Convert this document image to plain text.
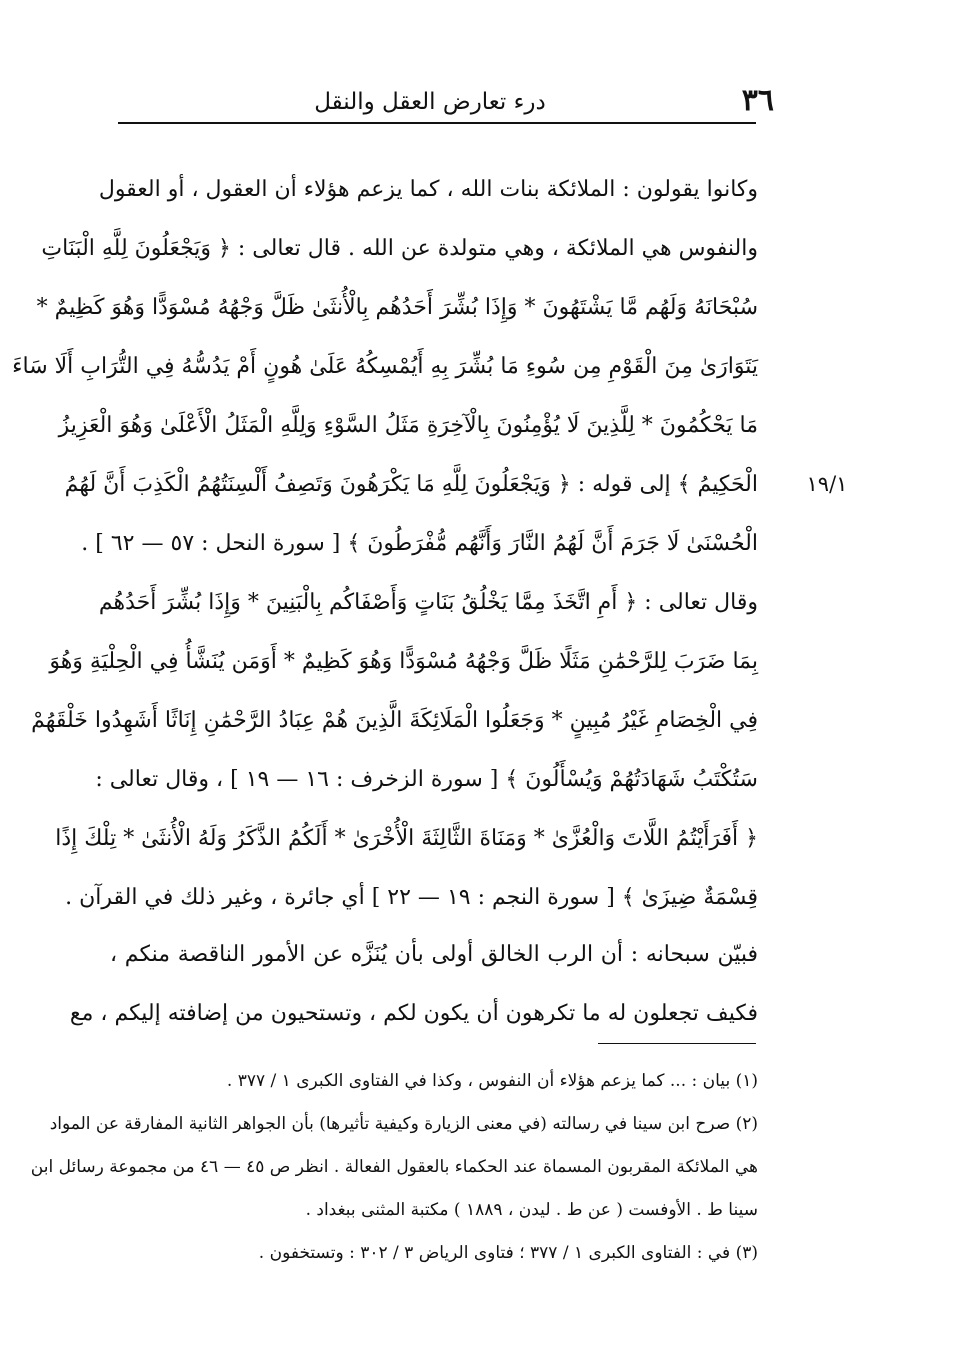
٣٦
درء تعارض العقل والنقل
١٩/١
وكانوا يقولون : الملائكة بنات الله ، كما يزعم هؤلاء أن العقول ، أو العقول
والنفوس هي الملائكة ، وهي متولدة عن الله . قال تعالى : ﴿ وَيَجْعَلُونَ لِلَّهِ الْبَنَاتِ
سُبْحَانَهُ وَلَهُم مَّا يَشْتَهُونَ * وَإِذَا بُشِّرَ أَحَدُهُم بِالْأُنثَىٰ ظَلَّ وَجْهُهُ مُسْوَدًّا وَهُوَ كَظِيمٌ *
يَتَوَارَىٰ مِنَ الْقَوْمِ مِن سُوءِ مَا بُشِّرَ بِهِ أَيُمْسِكُهُ عَلَىٰ هُونٍ أَمْ يَدُسُّهُ فِي التُّرَابِ أَلَا سَاءَ
مَا يَحْكُمُونَ * لِلَّذِينَ لَا يُؤْمِنُونَ بِالْآخِرَةِ مَثَلُ السَّوْءِ وَلِلَّهِ الْمَثَلُ الْأَعْلَىٰ وَهُوَ الْعَزِيزُ
الْحَكِيمُ ﴾ إلى قوله : ﴿ وَيَجْعَلُونَ لِلَّهِ مَا يَكْرَهُونَ وَتَصِفُ أَلْسِنَتُهُمُ الْكَذِبَ أَنَّ لَهُمُ
الْحُسْنَىٰ لَا جَرَمَ أَنَّ لَهُمُ النَّارَ وَأَنَّهُم مُّفْرَطُونَ ﴾ [ سورة النحل : ٥٧ — ٦٢ ] .
وقال تعالى : ﴿ أَمِ اتَّخَذَ مِمَّا يَخْلُقُ بَنَاتٍ وَأَصْفَاكُم بِالْبَنِينَ * وَإِذَا بُشِّرَ أَحَدُهُم
بِمَا ضَرَبَ لِلرَّحْمَٰنِ مَثَلًا ظَلَّ وَجْهُهُ مُسْوَدًّا وَهُوَ كَظِيمٌ * أَوَمَن يُنَشَّأُ فِي الْحِلْيَةِ وَهُوَ
فِي الْخِصَامِ غَيْرُ مُبِينٍ * وَجَعَلُوا الْمَلَائِكَةَ الَّذِينَ هُمْ عِبَادُ الرَّحْمَٰنِ إِنَاثًا أَشَهِدُوا خَلْقَهُمْ
سَتُكْتَبُ شَهَادَتُهُمْ وَيُسْأَلُونَ ﴾ [ سورة الزخرف : ١٦ — ١٩ ] ، وقال تعالى :
﴿ أَفَرَأَيْتُمُ اللَّاتَ وَالْعُزَّىٰ * وَمَنَاةَ الثَّالِثَةَ الْأُخْرَىٰ * أَلَكُمُ الذَّكَرُ وَلَهُ الْأُنثَىٰ * تِلْكَ إِذًا
قِسْمَةٌ ضِيزَىٰ ﴾ [ سورة النجم : ١٩ — ٢٢ ] أي جائرة ، وغير ذلك في القرآن .
فبيّن سبحانه : أن الرب الخالق أولى بأن يُنَزَّه عن الأمور الناقصة منكم ،
فكيف تجعلون له ما تكرهون أن يكون لكم ، وتستحيون من إضافته إليكم ، مع
(١) بيان : ... كما يزعم هؤلاء أن النفوس ، وكذا في الفتاوى الكبرى ١ / ٣٧٧ .
(٢) صرح ابن سينا في رسالته (في معنى الزيارة وكيفية تأثيرها) بأن الجواهر الثانية المفارقة عن المواد
هي الملائكة المقربون المسماة عند الحكماء بالعقول الفعالة . انظر ص ٤٥ — ٤٦ من مجموعة رسائل ابن
سينا ط . الأوفست ( عن ط . ليدن ، ١٨٨٩ ) مكتبة المثنى ببغداد .
(٣) في : الفتاوى الكبرى ١ / ٣٧٧ ؛ فتاوى الرياض ٣ / ٣٠٢ : وتستخفون .
